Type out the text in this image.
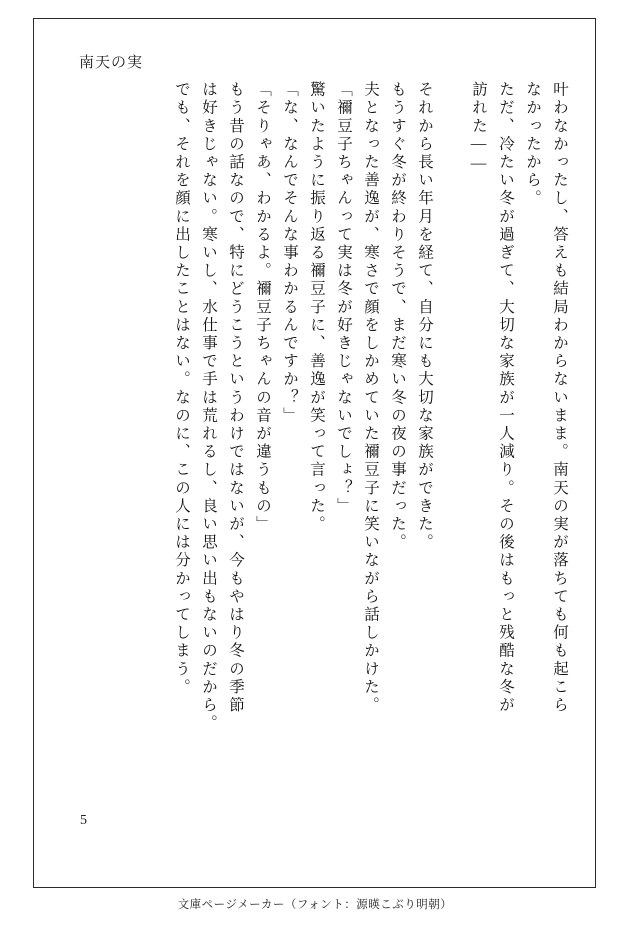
南天の実
叶わなかったし、答えも結局わからないまま。南天の実が落ちても何も起こら
なかったから。
ただ、冷たい冬が過ぎて、大切な家族が一人減り。その後はもっと残酷な冬が
訪れた――
それから長い年月を経て、自分にも大切な家族ができた。
もうすぐ冬が終わりそうで、まだ寒い冬の夜の事だった。
夫となった善逸が、寒さで顔をしかめていた禰豆子に笑いながら話しかけた。
「禰豆子ちゃんって実は冬が好きじゃないでしょ？」
驚いたように振り返る禰豆子に、善逸が笑って言った。
「な、なんでそんな事わかるんですか？」
「そりゃあ、わかるよ。禰豆子ちゃんの音が違うもの」
もう昔の話なので、特にどうこうというわけではないが、今もやはり冬の季節
は好きじゃない。寒いし、水仕事で手は荒れるし、良い思い出もないのだから。
でも、それを顔に出したことはない。なのに、この人には分かってしまう。
5
文庫ページメーカー（フォント：源暎こぶり明朝）
